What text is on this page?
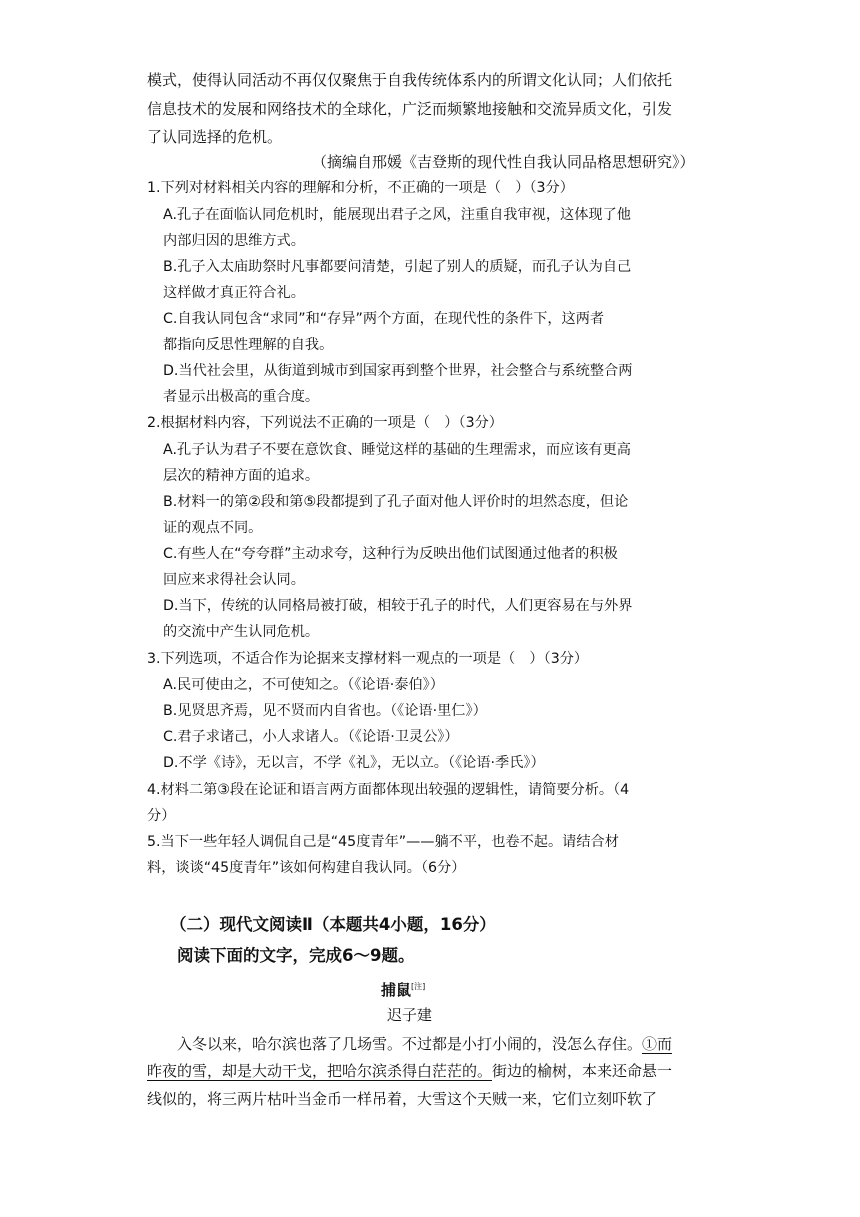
模式，使得认同活动不再仅仅聚焦于自我传统体系内的所谓文化认同；人们依托
信息技术的发展和网络技术的全球化，广泛而频繁地接触和交流异质文化，引发
了认同选择的危机。
（摘编自邢媛《吉登斯的现代性自我认同品格思想研究》）
1.下列对材料相关内容的理解和分析，不正确的一项是（　）（3分）
A.孔子在面临认同危机时，能展现出君子之风，注重自我审视，这体现了他
内部归因的思维方式。
B.孔子入太庙助祭时凡事都要问清楚，引起了别人的质疑，而孔子认为自己
这样做才真正符合礼。
C.自我认同包含“求同”和“存异”两个方面，在现代性的条件下，这两者
都指向反思性理解的自我。
D.当代社会里，从街道到城市到国家再到整个世界，社会整合与系统整合两
者显示出极高的重合度。
2.根据材料内容，下列说法不正确的一项是（　）（3分）
A.孔子认为君子不要在意饮食、睡觉这样的基础的生理需求，而应该有更高
层次的精神方面的追求。
B.材料一的第②段和第⑤段都提到了孔子面对他人评价时的坦然态度，但论
证的观点不同。
C.有些人在“夸夸群”主动求夸，这种行为反映出他们试图通过他者的积极
回应来求得社会认同。
D.当下，传统的认同格局被打破，相较于孔子的时代，人们更容易在与外界
的交流中产生认同危机。
3.下列选项，不适合作为论据来支撑材料一观点的一项是（　）（3分）
A.民可使由之，不可使知之。（《论语·泰伯》）
B.见贤思齐焉，见不贤而内自省也。（《论语·里仁》）
C.君子求诸己，小人求诸人。（《论语·卫灵公》）
D.不学《诗》，无以言，不学《礼》，无以立。（《论语·季氏》）
4.材料二第③段在论证和语言两方面都体现出较强的逻辑性，请简要分析。（4
分）
5.当下一些年轻人调侃自己是“45度青年”——躺不平，也卷不起。请结合材
料，谈谈“45度青年”该如何构建自我认同。（6分）
（二）现代文阅读Ⅱ（本题共4小题，16分）
阅读下面的文字，完成6～9题。
捕鼠[注]
迟子建
入冬以来，哈尔滨也落了几场雪。不过都是小打小闹的，没怎么存住。①而
昨夜的雪，却是大动干戈，把哈尔滨杀得白茫茫的。街边的榆树，本来还命悬一
线似的，将三两片枯叶当金币一样吊着，大雪这个天贼一来，它们立刻吓软了
